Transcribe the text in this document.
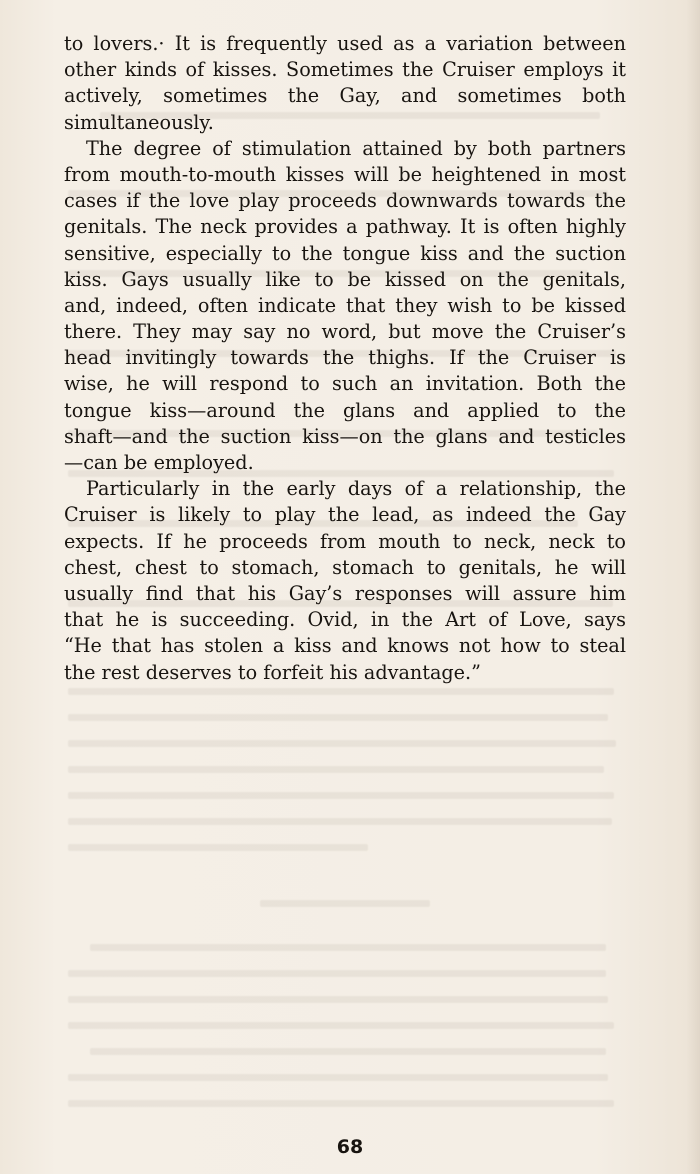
to lovers.· It is frequently used as a variation between
other kinds of kisses. Sometimes the Cruiser employs it
actively, sometimes the Gay, and sometimes both
simultaneously.
The degree of stimulation attained by both partners
from mouth-to-mouth kisses will be heightened in most
cases if the love play proceeds downwards towards the
genitals. The neck provides a pathway. It is often highly
sensitive, especially to the tongue kiss and the suction
kiss. Gays usually like to be kissed on the genitals,
and, indeed, often indicate that they wish to be kissed
there. They may say no word, but move the Cruiser’s
head invitingly towards the thighs. If the Cruiser is
wise, he will respond to such an invitation. Both the
tongue kiss—around the glans and applied to the
shaft—and the suction kiss—on the glans and testicles
—can be employed.
Particularly in the early days of a relationship, the
Cruiser is likely to play the lead, as indeed the Gay
expects. If he proceeds from mouth to neck, neck to
chest, chest to stomach, stomach to genitals, he will
usually find that his Gay’s responses will assure him
that he is succeeding. Ovid, in the Art of Love, says
“He that has stolen a kiss and knows not how to steal
the rest deserves to forfeit his advantage.”
68
